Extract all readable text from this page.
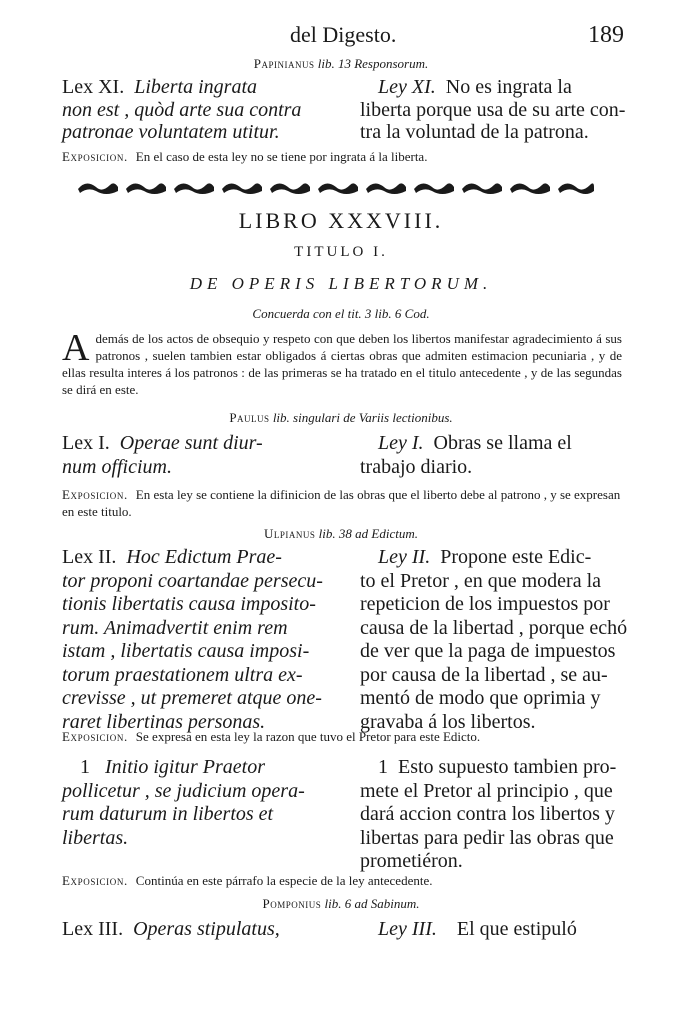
del Digesto.	189
Papinianus lib. 13 Responsorum.
Lex XI. Liberta ingrata
non est , quòd arte sua contra
patronae voluntatem utitur.
Ley XI. No es ingrata la
liberta porque usa de su arte con-
tra la voluntad de la patrona.
Exposicion. En el caso de esta ley no se tiene por ingrata á la liberta.
LIBRO XXXVIII.
TITULO I.
DE OPERIS LIBERTORUM.
Concuerda con el tit. 3 lib. 6 Cod.
Además de los actos de obsequio y respeto con que deben los libertos manifestar agradecimiento á sus patronos , suelen tambien estar obligados á ciertas obras que admiten estimacion pecuniaria , y de ellas resulta interes á los patronos : de las primeras se ha tratado en el titulo antecedente , y de las segundas se dirá en este.
Paulus lib. singulari de Variis lectionibus.
Lex I. Operae sunt diur-
num officium.
Ley I. Obras se llama el
trabajo diario.
Exposicion. En esta ley se contiene la difinicion de las obras que el liberto debe al patrono , y se expresan en este titulo.
Ulpianus lib. 38 ad Edictum.
Lex II. Hoc Edictum Prae-
tor proponi coartandae persecu-
tionis libertatis causa imposito-
rum. Animadvertit enim rem
istam , libertatis causa imposi-
torum praestationem ultra ex-
crevisse , ut premeret atque one-
raret libertinas personas.
Ley II. Propone este Edic-
to el Pretor , en que modera la
repeticion de los impuestos por
causa de la libertad , porque echó
de ver que la paga de impuestos
por causa de la libertad , se au-
mentó de modo que oprimia y
gravaba á los libertos.
Exposicion. Se expresa en esta ley la razon que tuvo el Pretor para este Edicto.
1 Initio igitur Praetor
pollicetur , se judicium opera-
rum daturum in libertos et
libertas.
1 Esto supuesto tambien pro-
mete el Pretor al principio , que
dará accion contra los libertos y
libertas para pedir las obras que
prometiéron.
Exposicion. Continúa en este párrafo la especie de la ley antecedente.
Pomponius lib. 6 ad Sabinum.
Lex III. Operas stipulatus,	Ley III. El que estipuló
